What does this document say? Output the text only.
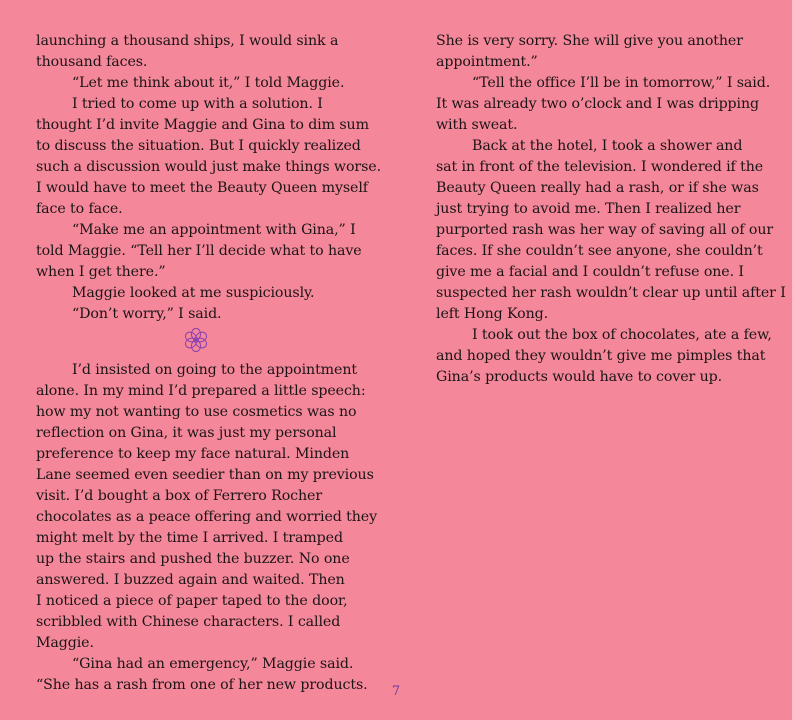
launching a thousand ships, I would sink a
thousand faces.
“Let me think about it,” I told Maggie.
I tried to come up with a solution. I
thought I’d invite Maggie and Gina to dim sum
to discuss the situation. But I quickly realized
such a discussion would just make things worse.
I would have to meet the Beauty Queen myself
face to face.
“Make me an appointment with Gina,” I
told Maggie. “Tell her I’ll decide what to have
when I get there.”
Maggie looked at me suspiciously.
“Don’t worry,” I said.
I’d insisted on going to the appointment
alone. In my mind I’d prepared a little speech:
how my not wanting to use cosmetics was no
reflection on Gina, it was just my personal
preference to keep my face natural. Minden
Lane seemed even seedier than on my previous
visit. I’d bought a box of Ferrero Rocher
chocolates as a peace offering and worried they
might melt by the time I arrived. I tramped
up the stairs and pushed the buzzer. No one
answered. I buzzed again and waited. Then
I noticed a piece of paper taped to the door,
scribbled with Chinese characters. I called
Maggie.
“Gina had an emergency,” Maggie said.
“She has a rash from one of her new products.
She is very sorry. She will give you another
appointment.”
“Tell the office I’ll be in tomorrow,” I said.
It was already two o’clock and I was dripping
with sweat.
Back at the hotel, I took a shower and
sat in front of the television. I wondered if the
Beauty Queen really had a rash, or if she was
just trying to avoid me. Then I realized her
purported rash was her way of saving all of our
faces. If she couldn’t see anyone, she couldn’t
give me a facial and I couldn’t refuse one. I
suspected her rash wouldn’t clear up until after I
left Hong Kong.
I took out the box of chocolates, ate a few,
and hoped they wouldn’t give me pimples that
Gina’s products would have to cover up.
7
